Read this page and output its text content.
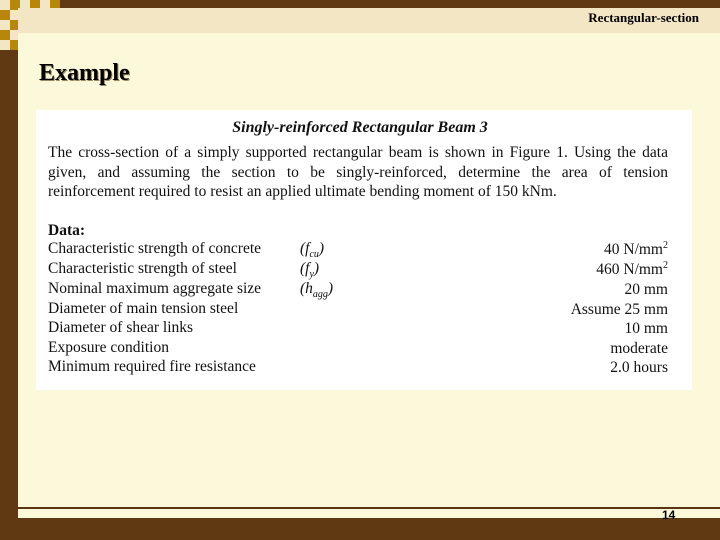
Rectangular-section
Example
Singly-reinforced Rectangular Beam 3
The cross-section of a simply supported rectangular beam is shown in Figure 1. Using the data given, and assuming the section to be singly-reinforced, determine the area of tension reinforcement required to resist an applied ultimate bending moment of 150 kNm.
Data:
Characteristic strength of concrete	$(f_{cu})$	40 $N/mm^2$
Characteristic strength of steel	$(f_y)$	460 $N/mm^2$
Nominal maximum aggregate size	$(h_{agg})$	20 mm
Diameter of main tension steel	Assume 25 mm
Diameter of shear links	10 mm
Exposure condition	moderate
Minimum required fire resistance	2.0 hours
14
